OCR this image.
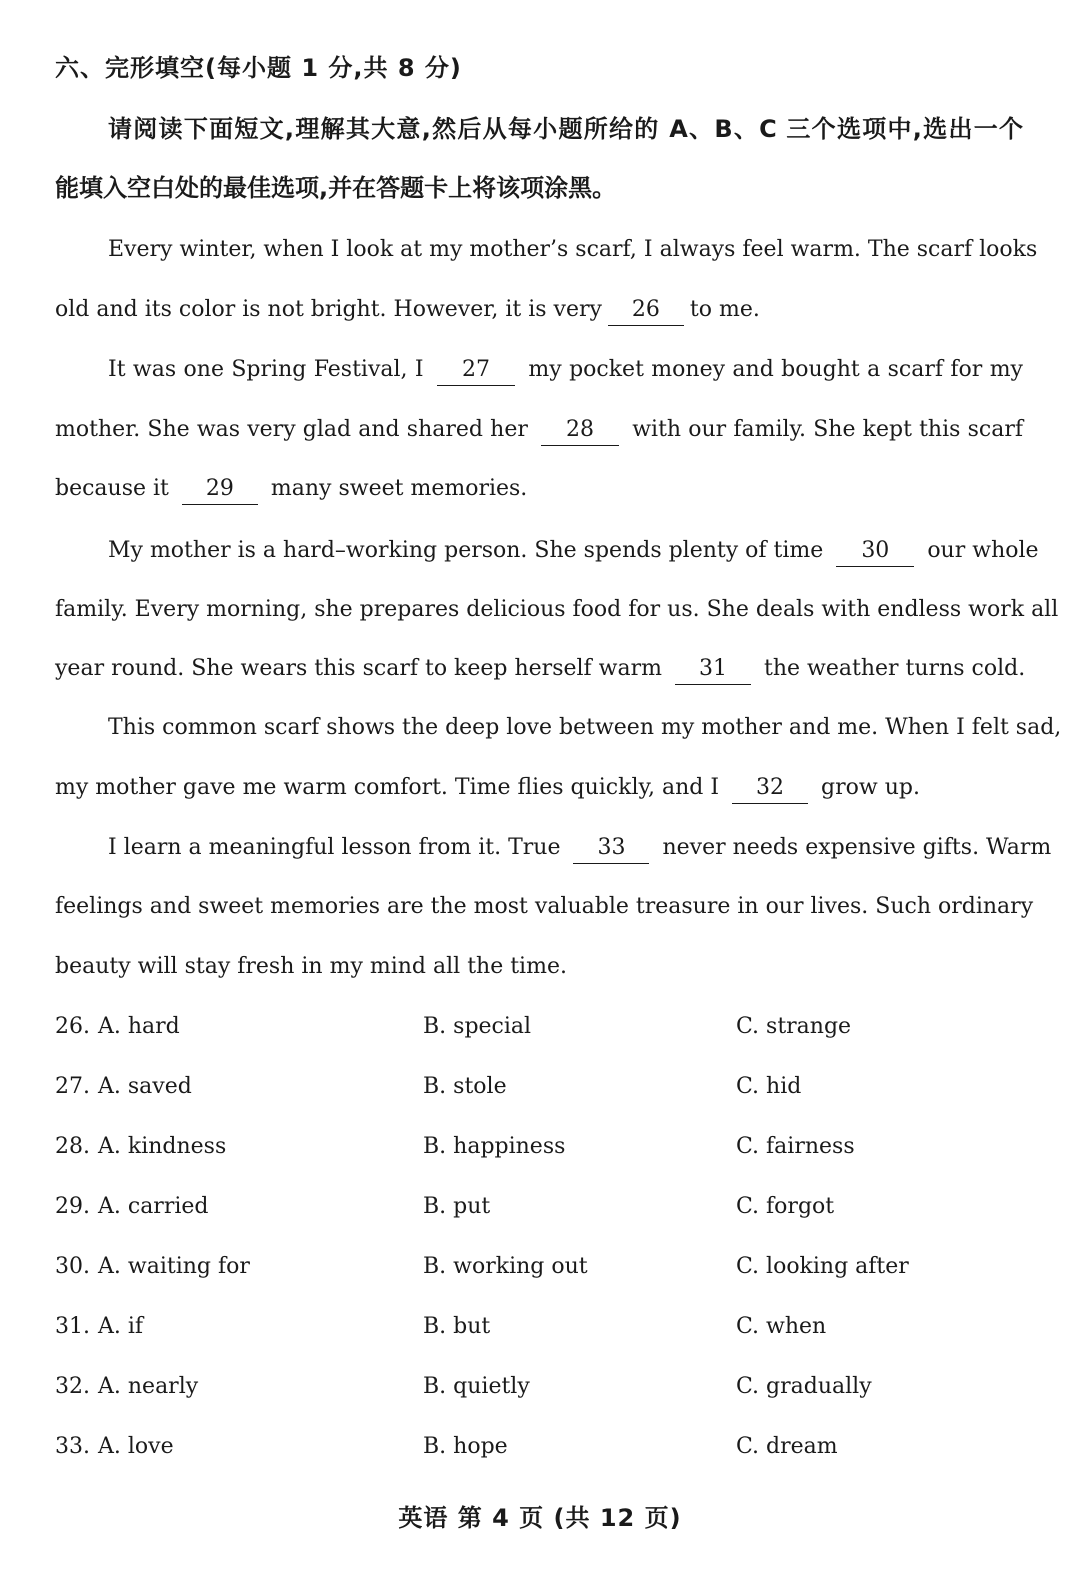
六、完形填空(每小题 1 分,共 8 分)
请阅读下面短文,理解其大意,然后从每小题所给的 A、B、C 三个选项中,选出一个
能填入空白处的最佳选项,并在答题卡上将该项涂黑。
Every winter, when I look at my mother’s scarf, I always feel warm. The scarf looks
old and its color is not bright. However, it is very 26 to me.
It was one Spring Festival, I 27 my pocket money and bought a scarf for my
mother. She was very glad and shared her 28 with our family. She kept this scarf
because it 29 many sweet memories.
My mother is a hard–working person. She spends plenty of time 30 our whole
family. Every morning, she prepares delicious food for us. She deals with endless work all
year round. She wears this scarf to keep herself warm 31 the weather turns cold.
This common scarf shows the deep love between my mother and me. When I felt sad,
my mother gave me warm comfort. Time flies quickly, and I 32 grow up.
I learn a meaningful lesson from it. True 33 never needs expensive gifts. Warm
feelings and sweet memories are the most valuable treasure in our lives. Such ordinary
beauty will stay fresh in my mind all the time.
26. A. hard	B. special	C. strange
27. A. saved	B. stole	C. hid
28. A. kindness	B. happiness	C. fairness
29. A. carried	B. put	C. forgot
30. A. waiting for	B. working out	C. looking after
31. A. if	B. but	C. when
32. A. nearly	B. quietly	C. gradually
33. A. love	B. hope	C. dream
英语 第 4 页 (共 12 页)
